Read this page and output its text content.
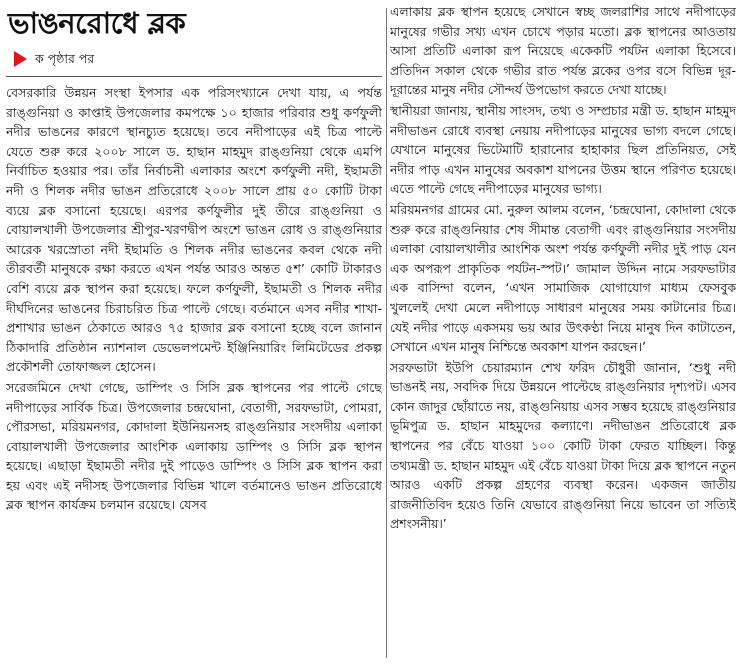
ভাঙনরোধে ব্লক
ক পৃষ্ঠার পর

বেসরকারি উন্নয়ন সংস্থা ইপসার এক পরিসংখ্যানে দেখা যায়, এ পর্যন্ত রাঙ্গুনিয়া ও কাপ্তাই উপজেলার কমপক্ষে ১০ হাজার পরিবার শুধু কর্ণফুলী নদীর ভাঙনের কারণে স্থানচ্যুত হয়েছে। তবে নদীপাড়ের এই চিত্র পাল্টে যেতে শুরু করে ২০০৮ সালে ড. হাছান মাহমুদ রাঙ্গুনিয়া থেকে এমপি নির্বাচিত হওয়ার পর। তাঁর নির্বাচনী এলাকার অংশে কর্ণফুলী নদী, ইছামতী নদী ও শিলক নদীর ভাঙন প্রতিরোধে ২০০৮ সালে প্রায় ৫০ কোটি টাকা ব্যয়ে ব্লক বসানো হয়েছে। এরপর কর্ণফুলীর দুই তীরে রাঙ্গুনিয়া ও বোয়ালখালী উপজেলার শ্রীপুর-খরণদ্বীপ অংশে ভাঙন রোধ ও রাঙ্গুনিয়ার আরেক খরস্রোতা নদী ইছামতি ও শিলক নদীর ভাঙনের কবল থেকে নদী তীরবর্তী মানুষকে রক্ষা করতে এখন পর্যন্ত আরও অন্তত ৫শ’ কোটি টাকারও বেশি ব্যয়ে ব্লক স্থাপন করা হয়েছে। ফলে কর্ণফুলী, ইছামতী ও শিলক নদীর দীর্ঘদিনের ভাঙনের চিরাচরিত চিত্র পাল্টে গেছে। বর্তমানে এসব নদীর শাখা-প্রশাখার ভাঙন ঠেকাতে আরও ৭৫ হাজার ব্লক বসানো হচ্ছে বলে জানান ঠিকাদারি প্রতিষ্ঠান ন্যাশনাল ডেভেলপমেন্ট ইঞ্জিনিয়ারিং লিমিটেডের প্রকল্প প্রকৌশলী তোফাজ্জল হোসেন।

সরেজমিনে দেখা গেছে, ডাম্পিং ও সিসি ব্লক স্থাপনের পর পাল্টে গেছে নদীপাড়ের সার্বিক চিত্র। উপজেলার চন্দ্রঘোনা, বেতাগী, সরফভাটা, পোমরা, পৌরসভা, মরিয়মনগর, কোদালা ইউনিয়নসহ রাঙ্গুনিয়ার সংসদীয় এলাকা বোয়ালখালী উপজেলার আংশিক এলাকায় ডাম্পিং ও সিসি ব্লক স্থাপন হয়েছে। এছাড়া ইছামতী নদীর দুই পাড়েও ডাম্পিং ও সিসি ব্লক স্থাপন করা হয় এবং এই নদীসহ উপজেলার বিভিন্ন খালে বর্তমানেও ভাঙন প্রতিরোধে ব্লক স্থাপন কার্যক্রম চলমান রয়েছে। যেসব

এলাকায় ব্লক স্থাপন হয়েছে সেখানে স্বচ্ছ জলরাশির সাথে নদীপাড়ের মানুষের গভীর সখ্য এখন চোখে পড়ার মতো। ব্লক স্থাপনের আওতায় আসা প্রতিটি এলাকা রূপ নিয়েছে একেকটি পর্যটন এলাকা হিসেবে। প্রতিদিন সকাল থেকে গভীর রাত পর্যন্ত ব্লকের ওপর বসে বিভিন্ন দূর-দূরান্তের মানুষ নদীর সৌন্দর্য উপভোগ করতে দেখা যাচ্ছে।

স্থানীয়রা জানায়, স্থানীয় সাংসদ, তথ্য ও সম্প্রচার মন্ত্রী ড. হাছান মাহমুদ নদীভাঙন রোধে ব্যবস্থা নেয়ায় নদীপাড়ের মানুষের ভাগ্য বদলে গেছে। যেখানে মানুষের ভিটেমাটি হারানোর হাহাকার ছিল প্রতিনিয়ত, সেই নদীর পাড় এখন মানুষের অবকাশ যাপনের উত্তম স্থানে পরিণত হয়েছে। এতে পাল্টে গেছে নদীপাড়ের মানুষের ভাগ্য।

মরিয়মনগর গ্রামের মো. নুরুল আলম বলেন, ‘চন্দ্রঘোনা, কোদালা থেকে শুরু করে রাঙ্গুনিয়ার শেষ সীমান্ত বেতাগী এবং রাঙ্গুনিয়ার সংসদীয় এলাকা বোয়ালখালীর আংশিক অংশ পর্যন্ত কর্ণফুলী নদীর দুই পাড় যেন এক অপরূপ প্রাকৃতিক পর্যটন-স্পট।’ জামাল উদ্দিন নামে সরফভাটার এক বাসিন্দা বলেন, ‘এখন সামাজিক যোগাযোগ মাধ্যম ফেসবুক খুললেই দেখা মেলে নদীপাড়ে সাধারণ মানুষের সময় কাটানোর চিত্র। যেই নদীর পাড়ে একসময় ভয় আর উৎকণ্ঠা নিয়ে মানুষ দিন কাটাতেন, সেখানে এখন মানুষ নিশ্চিন্তে অবকাশ যাপন করছেন।’

সরফভাটা ইউপি চেয়ারম্যান শেখ ফরিদ চৌধুরী জানান, ‘শুধু নদী ভাঙনই নয়, সবদিক দিয়ে উন্নয়নে পাল্টেছে রাঙ্গুনিয়ার দৃশ্যপট। এসব কোন জাদুর ছোঁয়াতে নয়, রাঙ্গুনিয়ায় এসব সম্ভব হয়েছে রাঙ্গুনিয়ার ভূমিপুত্র ড. হাছান মাহমুদের কল্যাণে। নদীভাঙন প্রতিরোধে ব্লক স্থাপনের পর বেঁচে যাওয়া ১০০ কোটি টাকা ফেরত যাচ্ছিল। কিন্তু তথ্যমন্ত্রী ড. হাছান মাহমুদ এই বেঁচে যাওয়া টাকা দিয়ে ব্লক স্থাপনে নতুন আরও একটি প্রকল্প গ্রহণের ব্যবস্থা করেন। একজন জাতীয় রাজনীতিবিদ হয়েও তিনি যেভাবে রাঙ্গুনিয়া নিয়ে ভাবেন তা সত্যিই প্রশংসনীয়।’
